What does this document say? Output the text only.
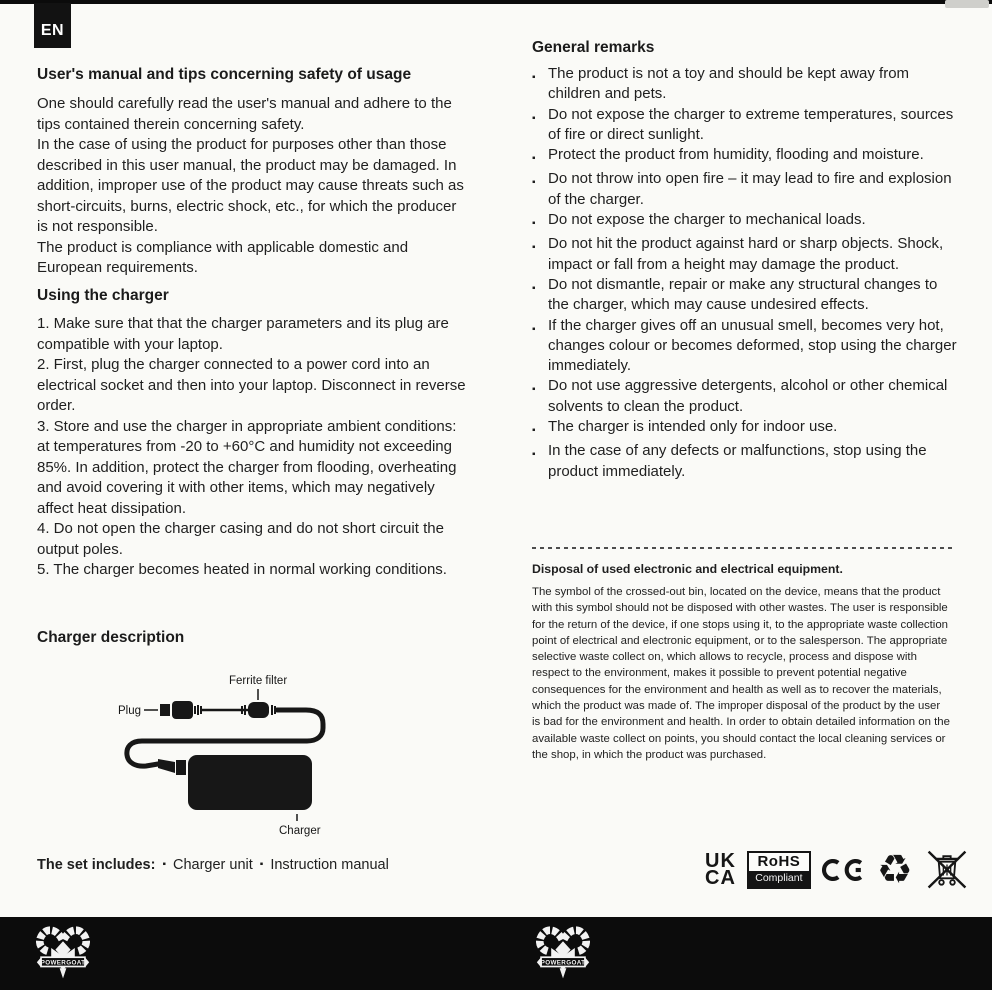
EN
User's manual and tips concerning safety of usage

One should carefully read the user's manual and adhere to the tips contained therein concerning safety.

In the case of using the product for purposes other than those described in this user manual, the product may be damaged. In addition, improper use of the product may cause threats such as short-circuits, burns, electric shock, etc., for which the producer is not responsible.

The product is compliance with applicable domestic and European requirements.

Using the charger

1. Make sure that that the charger parameters and its plug are compatible with your laptop.

2. First, plug the charger connected to a power cord into an electrical socket and then into your laptop. Disconnect in reverse order.

3. Store and use the charger in appropriate ambient conditions: at temperatures from -20 to +60°C and humidity not exceeding 85%. In addition, protect the charger from flooding, overheating and avoid covering it with other items, which may negatively affect heat dissipation.

4. Do not open the charger casing and do not short circuit the output poles.

5. The charger becomes heated in normal working conditions.

Charger description
Ferrite filter
Plug
Charger
The set includes: ▪ Charger unit ▪ Instruction manual
General remarks
▪ The product is not a toy and should be kept away from children and pets.
▪ Do not expose the charger to extreme temperatures, sources of fire or direct sunlight.
▪ Protect the product from humidity, flooding and moisture.
▪ Do not throw into open fire – it may lead to fire and explosion of the charger.
▪ Do not expose the charger to mechanical loads.
▪ Do not hit the product against hard or sharp objects. Shock, impact or fall from a height may damage the product.
▪ Do not dismantle, repair or make any structural changes to the charger, which may cause undesired effects.
▪ If the charger gives off an unusual smell, becomes very hot, changes colour or becomes deformed, stop using the charger immediately.
▪ Do not use aggressive detergents, alcohol or other chemical solvents to clean the product.
▪ The charger is intended only for indoor use.
▪ In the case of any defects or malfunctions, stop using the product immediately.
Disposal of used electronic and electrical equipment.
The symbol of the crossed-out bin, located on the device, means that the product with this symbol should not be disposed with other wastes. The user is responsible for the return of the device, if one stops using it, to the appropriate waste collection point of electrical and electronic equipment, or to the salesperson. The appropriate selective waste collect on, which allows to recycle, process and dispose with respect to the environment, makes it possible to prevent potential negative consequences for the environment and health as well as to recover the materials, which the product was made of. The improper disposal of the product by the user is bad for the environment and health. In order to obtain detailed information on the available waste collect on points, you should contact the local cleaning services or the shop, in which the product was purchased.
UK
CA
RoHS
Compliant ♻
POWERGOAT	POWERGOAT
